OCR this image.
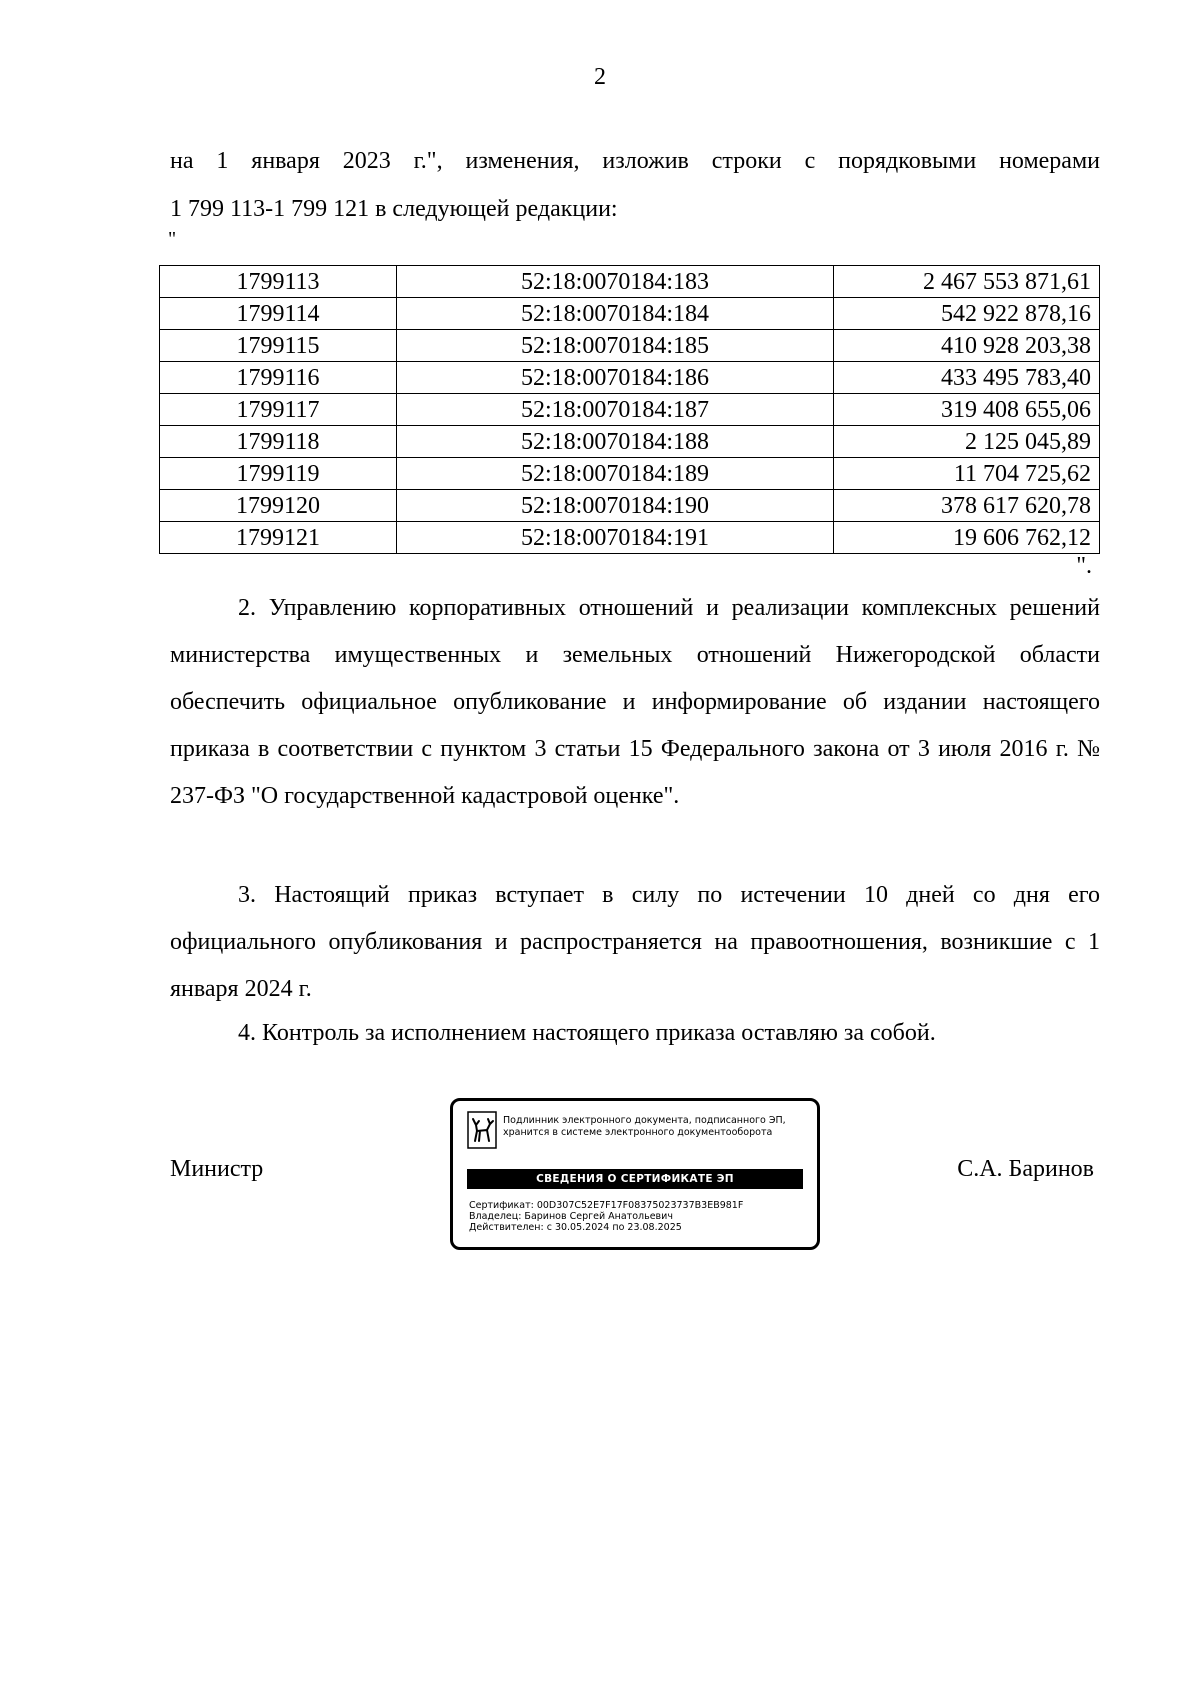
2
на 1 января 2023 г.", изменения, изложив строки с порядковыми номерами
1 799 113-1 799 121 в следующей редакции:
"
1799113	52:18:0070184:183	2 467 553 871,61
1799114	52:18:0070184:184	542 922 878,16
1799115	52:18:0070184:185	410 928 203,38
1799116	52:18:0070184:186	433 495 783,40
1799117	52:18:0070184:187	319 408 655,06
1799118	52:18:0070184:188	2 125 045,89
1799119	52:18:0070184:189	11 704 725,62
1799120	52:18:0070184:190	378 617 620,78
1799121	52:18:0070184:191	19 606 762,12
".
2. Управлению корпоративных отношений и реализации комплексных решений министерства имущественных и земельных отношений Нижегородской области обеспечить официальное опубликование и информирование об издании настоящего приказа в соответствии с пунктом 3 статьи 15 Федерального закона от 3 июля 2016 г. № 237-ФЗ "О государственной кадастровой оценке".
3. Настоящий приказ вступает в силу по истечении 10 дней со дня его официального опубликования и распространяется на правоотношения, возникшие с 1 января 2024 г.
4. Контроль за исполнением настоящего приказа оставляю за собой.
Министр	С.А. Баринов
Подлинник электронного документа, подписанного ЭП,
хранится в системе электронного документооборота
СВЕДЕНИЯ О СЕРТИФИКАТЕ ЭП
Сертификат: 00D307C52E7F17F08375023737B3EB981F
Владелец: Баринов Сергей Анатольевич
Действителен: с 30.05.2024 по 23.08.2025
